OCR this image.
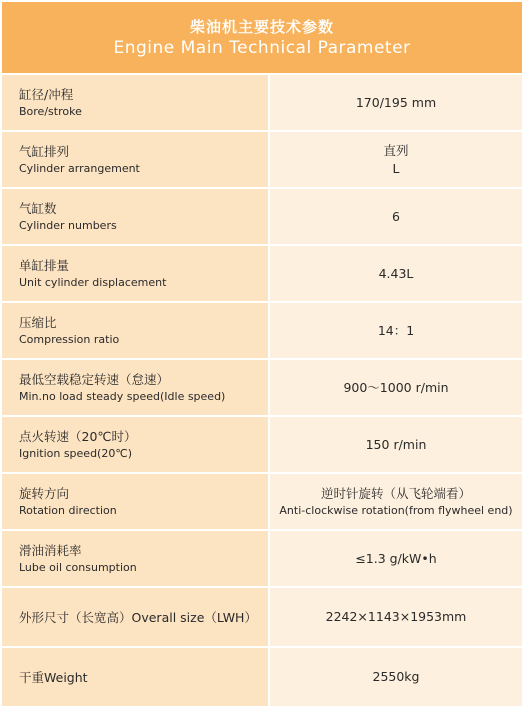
柴油机主要技术参数
Engine Main Technical Parameter
缸径/冲程
Bore/stroke
170/195 mm
气缸排列
Cylinder arrangement
直列
L
气缸数
Cylinder numbers
6
单缸排量
Unit cylinder displacement
4.43L
压缩比
Compression ratio
14：1
最低空载稳定转速（怠速）
Min.no load steady speed(Idle speed)
900～1000 r/min
点火转速（20℃时）
Ignition speed(20℃)
150 r/min
旋转方向
Rotation direction
逆时针旋转（从飞轮端看）
Anti-clockwise rotation(from flywheel end)
滑油消耗率
Lube oil consumption
≤1.3 g/kW•h
外形尺寸（长宽高）Overall size（LWH）	2242×1143×1953mm
干重Weight	2550kg
